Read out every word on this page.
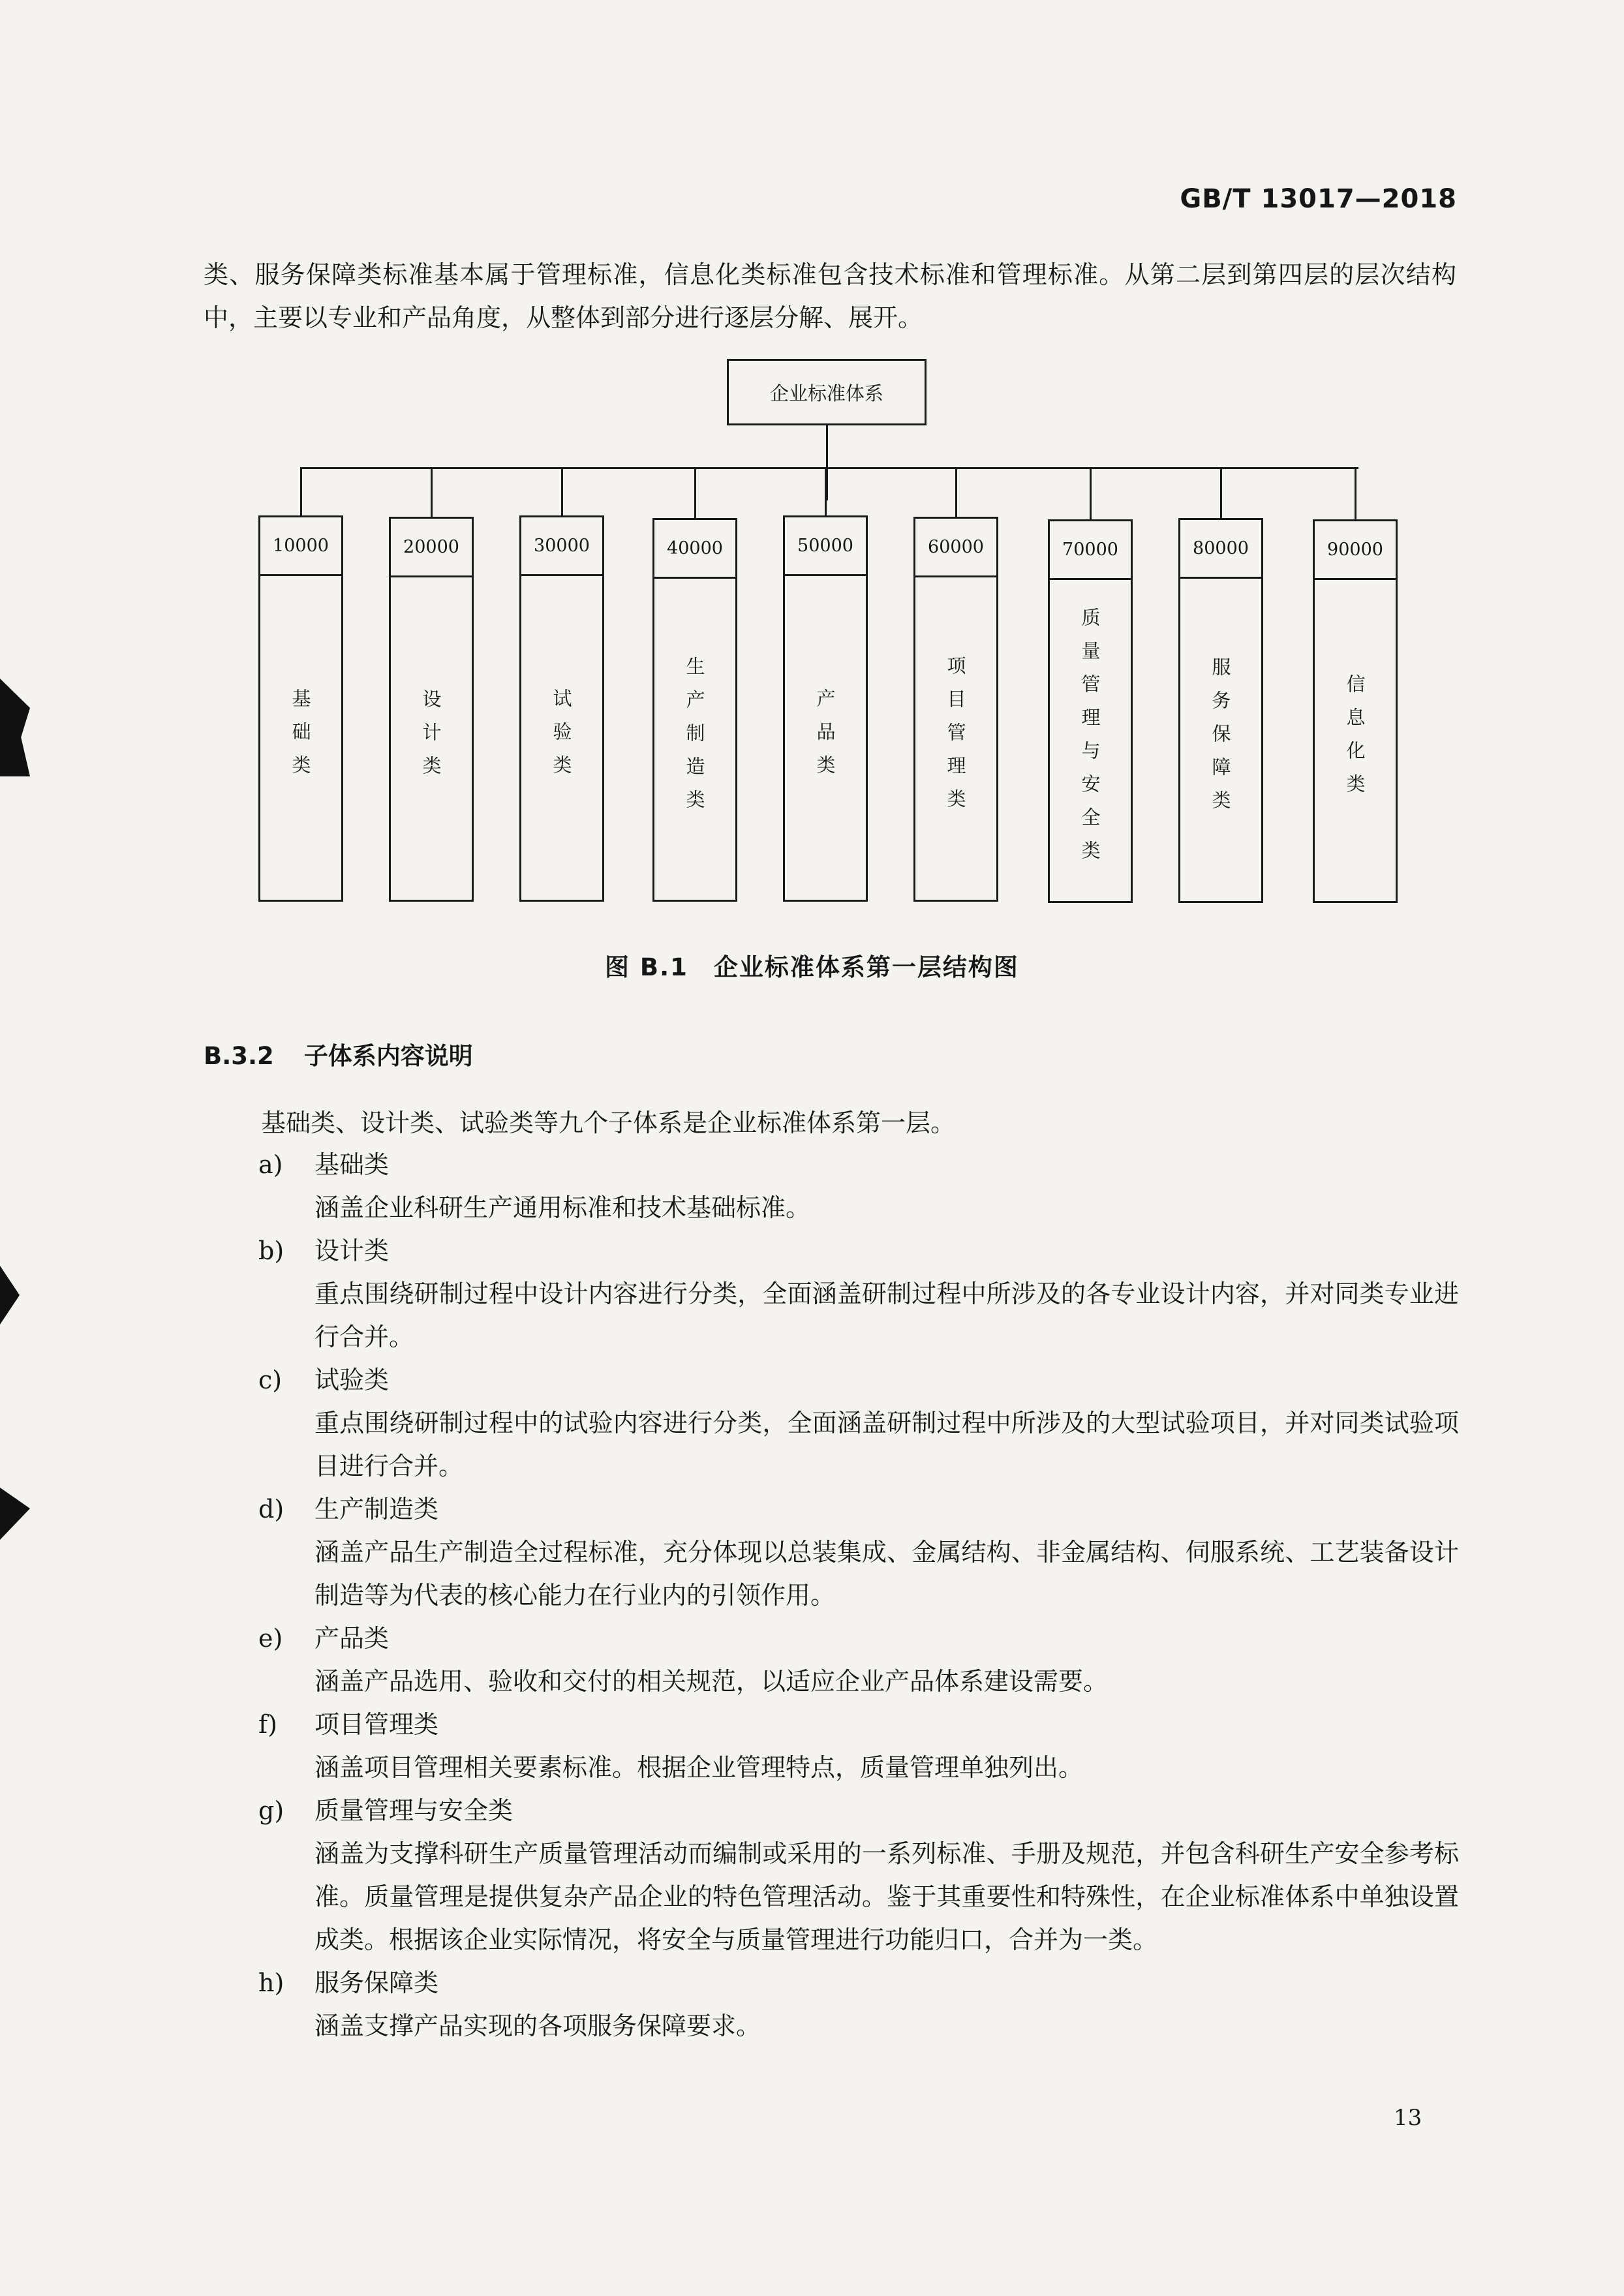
GB/T 13017—2018
类、服务保障类标准基本属于管理标准，信息化类标准包含技术标准和管理标准。从第二层到第四层的层次结构中，主要以专业和产品角度，从整体到部分进行逐层分解、展开。
企业标准体系
10000
基础类
20000
设计类
30000
试验类
40000
生产制造类
50000
产品类
60000
项目管理类
70000
质量管理与安全类
80000
服务保障类
90000
信息化类
图 B.1　企业标准体系第一层结构图
B.3.2 子体系内容说明
基础类、设计类、试验类等九个子体系是企业标准体系第一层。
a) 基础类
涵盖企业科研生产通用标准和技术基础标准。
b) 设计类
重点围绕研制过程中设计内容进行分类，全面涵盖研制过程中所涉及的各专业设计内容，并对同类专业进行合并。
c) 试验类
重点围绕研制过程中的试验内容进行分类，全面涵盖研制过程中所涉及的大型试验项目，并对同类试验项目进行合并。
d) 生产制造类
涵盖产品生产制造全过程标准，充分体现以总装集成、金属结构、非金属结构、伺服系统、工艺装备设计制造等为代表的核心能力在行业内的引领作用。
e) 产品类
涵盖产品选用、验收和交付的相关规范，以适应企业产品体系建设需要。
f) 项目管理类
涵盖项目管理相关要素标准。根据企业管理特点，质量管理单独列出。
g) 质量管理与安全类
涵盖为支撑科研生产质量管理活动而编制或采用的一系列标准、手册及规范，并包含科研生产安全参考标准。质量管理是提供复杂产品企业的特色管理活动。鉴于其重要性和特殊性，在企业标准体系中单独设置成类。根据该企业实际情况，将安全与质量管理进行功能归口，合并为一类。
h) 服务保障类
涵盖支撑产品实现的各项服务保障要求。
13
